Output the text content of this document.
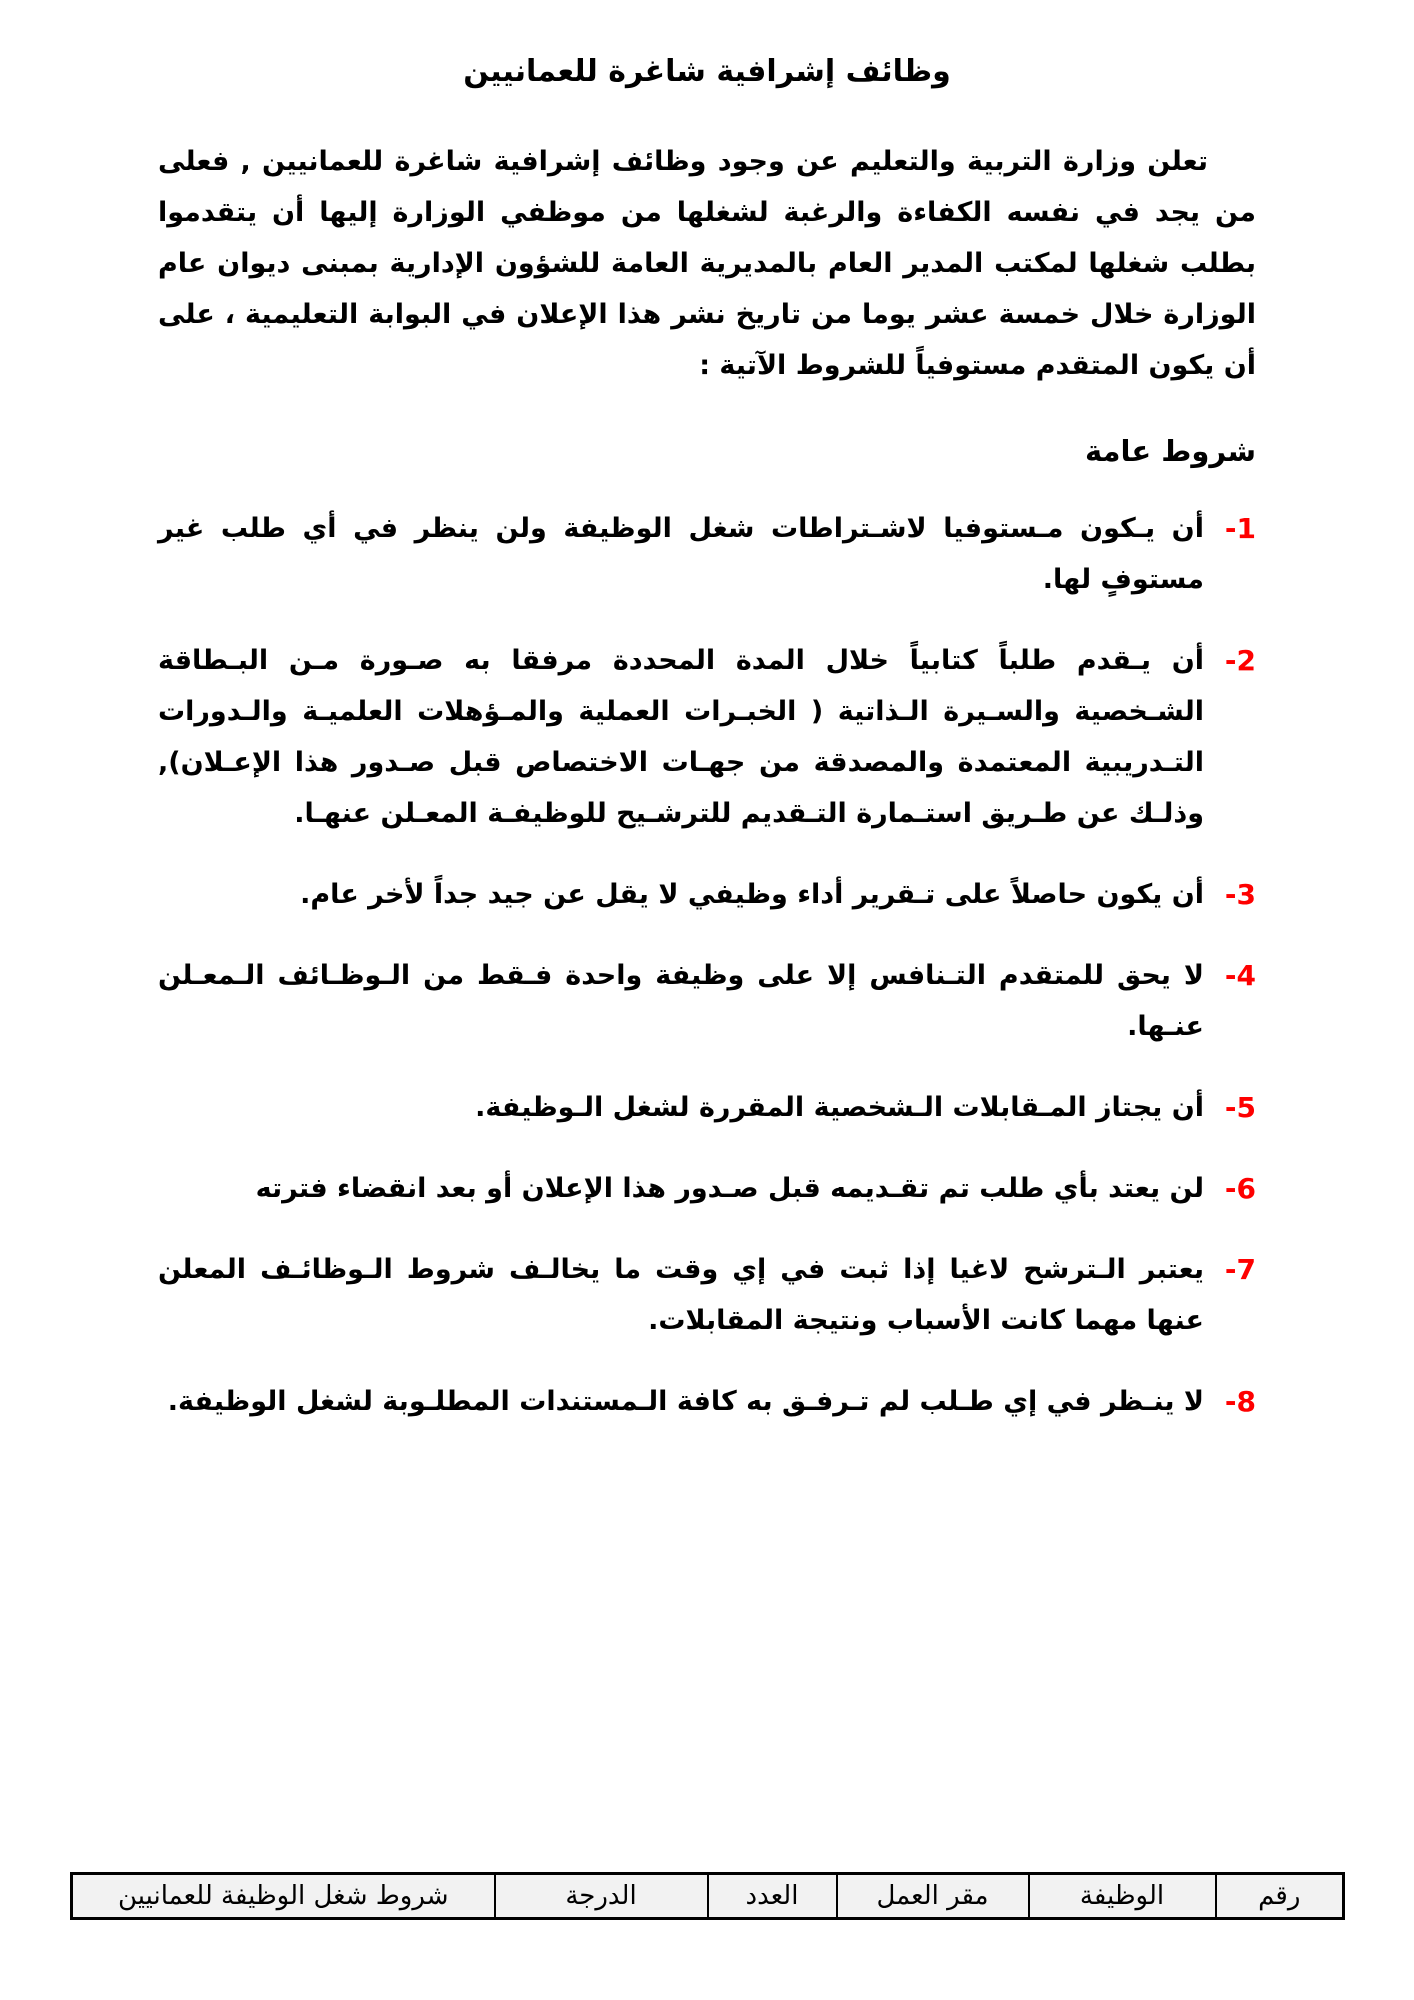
وظائف إشرافية شاغرة للعمانيين

تعلن وزارة التربية والتعليم عن وجود وظائف إشرافية شاغرة للعمانيين , فعلى من يجد في نفسه الكفاءة والرغبة لشغلها من موظفي الوزارة إليها أن يتقدموا بطلب شغلها لمكتب المدير العام بالمديرية العامة للشؤون الإدارية بمبنى ديوان عام الوزارة خلال خمسة عشر يوما من تاريخ نشر هذا الإعلان في البوابة التعليمية ، على أن يكون المتقدم مستوفياً للشروط الآتية :

شروط عامة
1-
أن يـكون مـستوفيا لاشـتراطات شغل الوظيفة ولن ينظر في أي طلب غير مستوفٍ لها.
2-
أن يـقدم طلباً كتابياً خلال المدة المحددة مرفقا به صـورة مـن البـطاقة الشـخصية والسـيرة الـذاتية ( الخبـرات العملية والمـؤهلات العلميـة والـدورات التـدريبية المعتمدة والمصدقة من جهـات الاختصاص قبل صـدور هذا الإعـلان), وذلـك عن طـريق استـمارة التـقديم للترشـيح للوظيفـة المعـلن عنهـا.
3-
أن يكون حاصلاً على تـقرير أداء وظيفي لا يقل عن جيد جداً لأخر عام.
4-
لا يحق للمتقدم التـنافس إلا على وظيفة واحدة فـقط من الـوظـائف الـمعـلن عنـها.
5-
أن يجتاز المـقابلات الـشخصية المقررة لشغل الـوظيفة.
6-
لن يعتد بأي طلب تم تقـديمه قبل صـدور هذا الإعلان أو بعد انقضاء فترته
7-
يعتبر الـترشح لاغيا إذا ثبت في إي وقت ما يخالـف شروط الـوظائـف المعلن عنها مهما كانت الأسباب ونتيجة المقابلات.
8-
لا ينـظر في إي طـلب لم تـرفـق به كافة الـمستندات المطلـوبة لشغل الوظيفة.
رقم	الوظيفة	مقر العمل	العدد	الدرجة	شروط شغل الوظيفة للعمانيين
